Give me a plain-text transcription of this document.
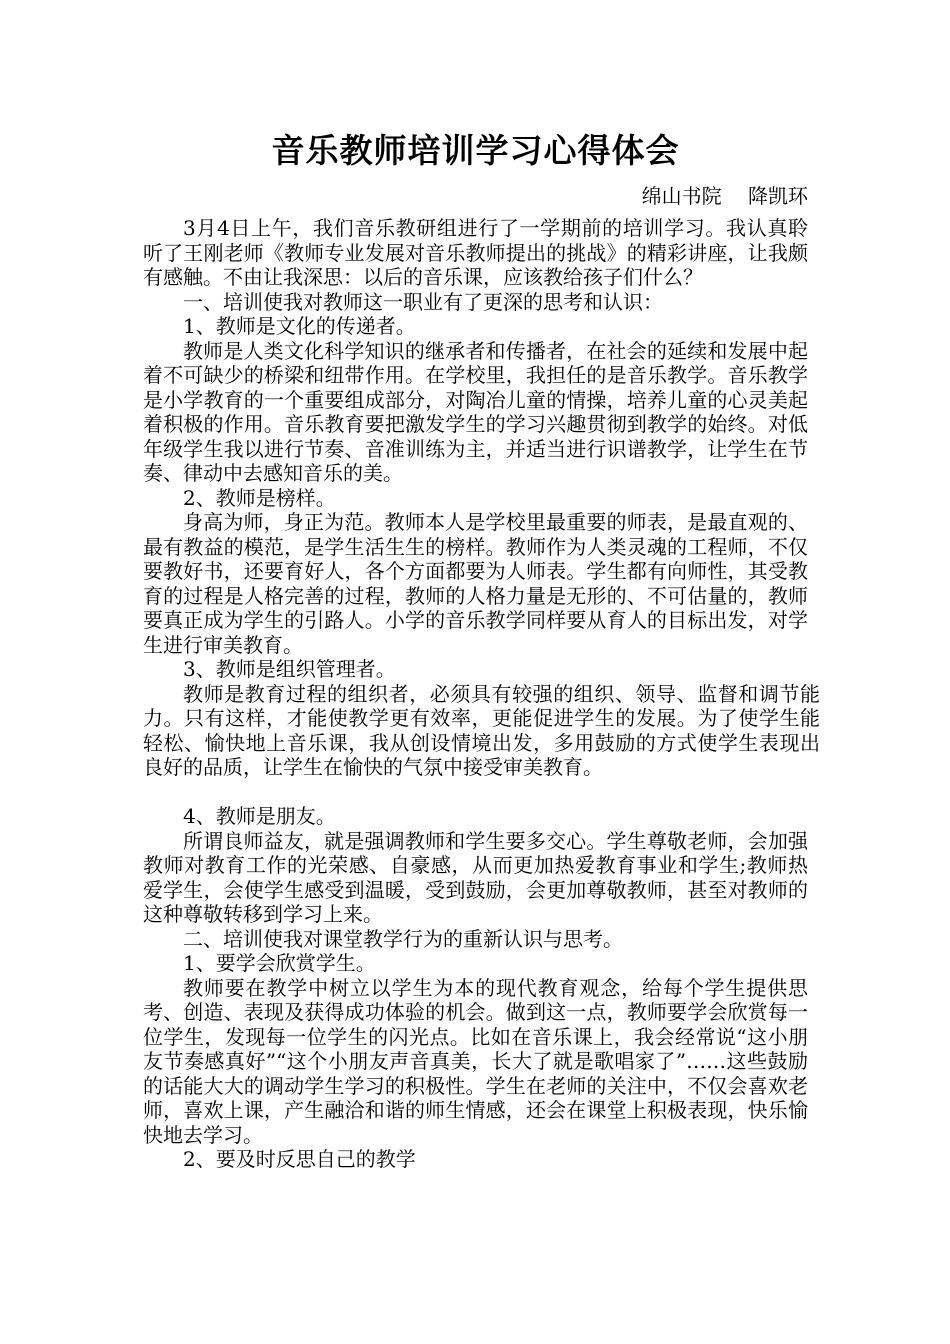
音乐教师培训学习心得体会
绵山书院　 降凯环

3月4日上午，我们音乐教研组进行了一学期前的培训学习。我认真聆听了王刚老师《教师专业发展对音乐教师提出的挑战》的精彩讲座，让我颇有感触。不由让我深思：以后的音乐课，应该教给孩子们什么？

一、培训使我对教师这一职业有了更深的思考和认识：

1、教师是文化的传递者。

教师是人类文化科学知识的继承者和传播者，在社会的延续和发展中起着不可缺少的桥梁和纽带作用。在学校里，我担任的是音乐教学。音乐教学是小学教育的一个重要组成部分，对陶冶儿童的情操，培养儿童的心灵美起着积极的作用。音乐教育要把激发学生的学习兴趣贯彻到教学的始终。对低年级学生我以进行节奏、音准训练为主，并适当进行识谱教学，让学生在节奏、律动中去感知音乐的美。

2、教师是榜样。

身高为师，身正为范。教师本人是学校里最重要的师表，是最直观的、最有教益的模范，是学生活生生的榜样。教师作为人类灵魂的工程师，不仅要教好书，还要育好人，各个方面都要为人师表。学生都有向师性，其受教育的过程是人格完善的过程，教师的人格力量是无形的、不可估量的，教师要真正成为学生的引路人。小学的音乐教学同样要从育人的目标出发，对学生进行审美教育。

3、教师是组织管理者。

教师是教育过程的组织者，必须具有较强的组织、领导、监督和调节能力。只有这样，才能使教学更有效率，更能促进学生的发展。为了使学生能轻松、愉快地上音乐课，我从创设情境出发，多用鼓励的方式使学生表现出良好的品质，让学生在愉快的气氛中接受审美教育。

4、教师是朋友。

所谓良师益友，就是强调教师和学生要多交心。学生尊敬老师，会加强教师对教育工作的光荣感、自豪感，从而更加热爱教育事业和学生;教师热爱学生，会使学生感受到温暖，受到鼓励，会更加尊敬教师，甚至对教师的这种尊敬转移到学习上来。

二、培训使我对课堂教学行为的重新认识与思考。

1、要学会欣赏学生。

教师要在教学中树立以学生为本的现代教育观念，给每个学生提供思考、创造、表现及获得成功体验的机会。做到这一点，教师要学会欣赏每一位学生，发现每一位学生的闪光点。比如在音乐课上，我会经常说“这小朋友节奏感真好”“这个小朋友声音真美，长大了就是歌唱家了”……这些鼓励的话能大大的调动学生学习的积极性。学生在老师的关注中，不仅会喜欢老师，喜欢上课，产生融洽和谐的师生情感，还会在课堂上积极表现，快乐愉快地去学习。

2、要及时反思自己的教学
